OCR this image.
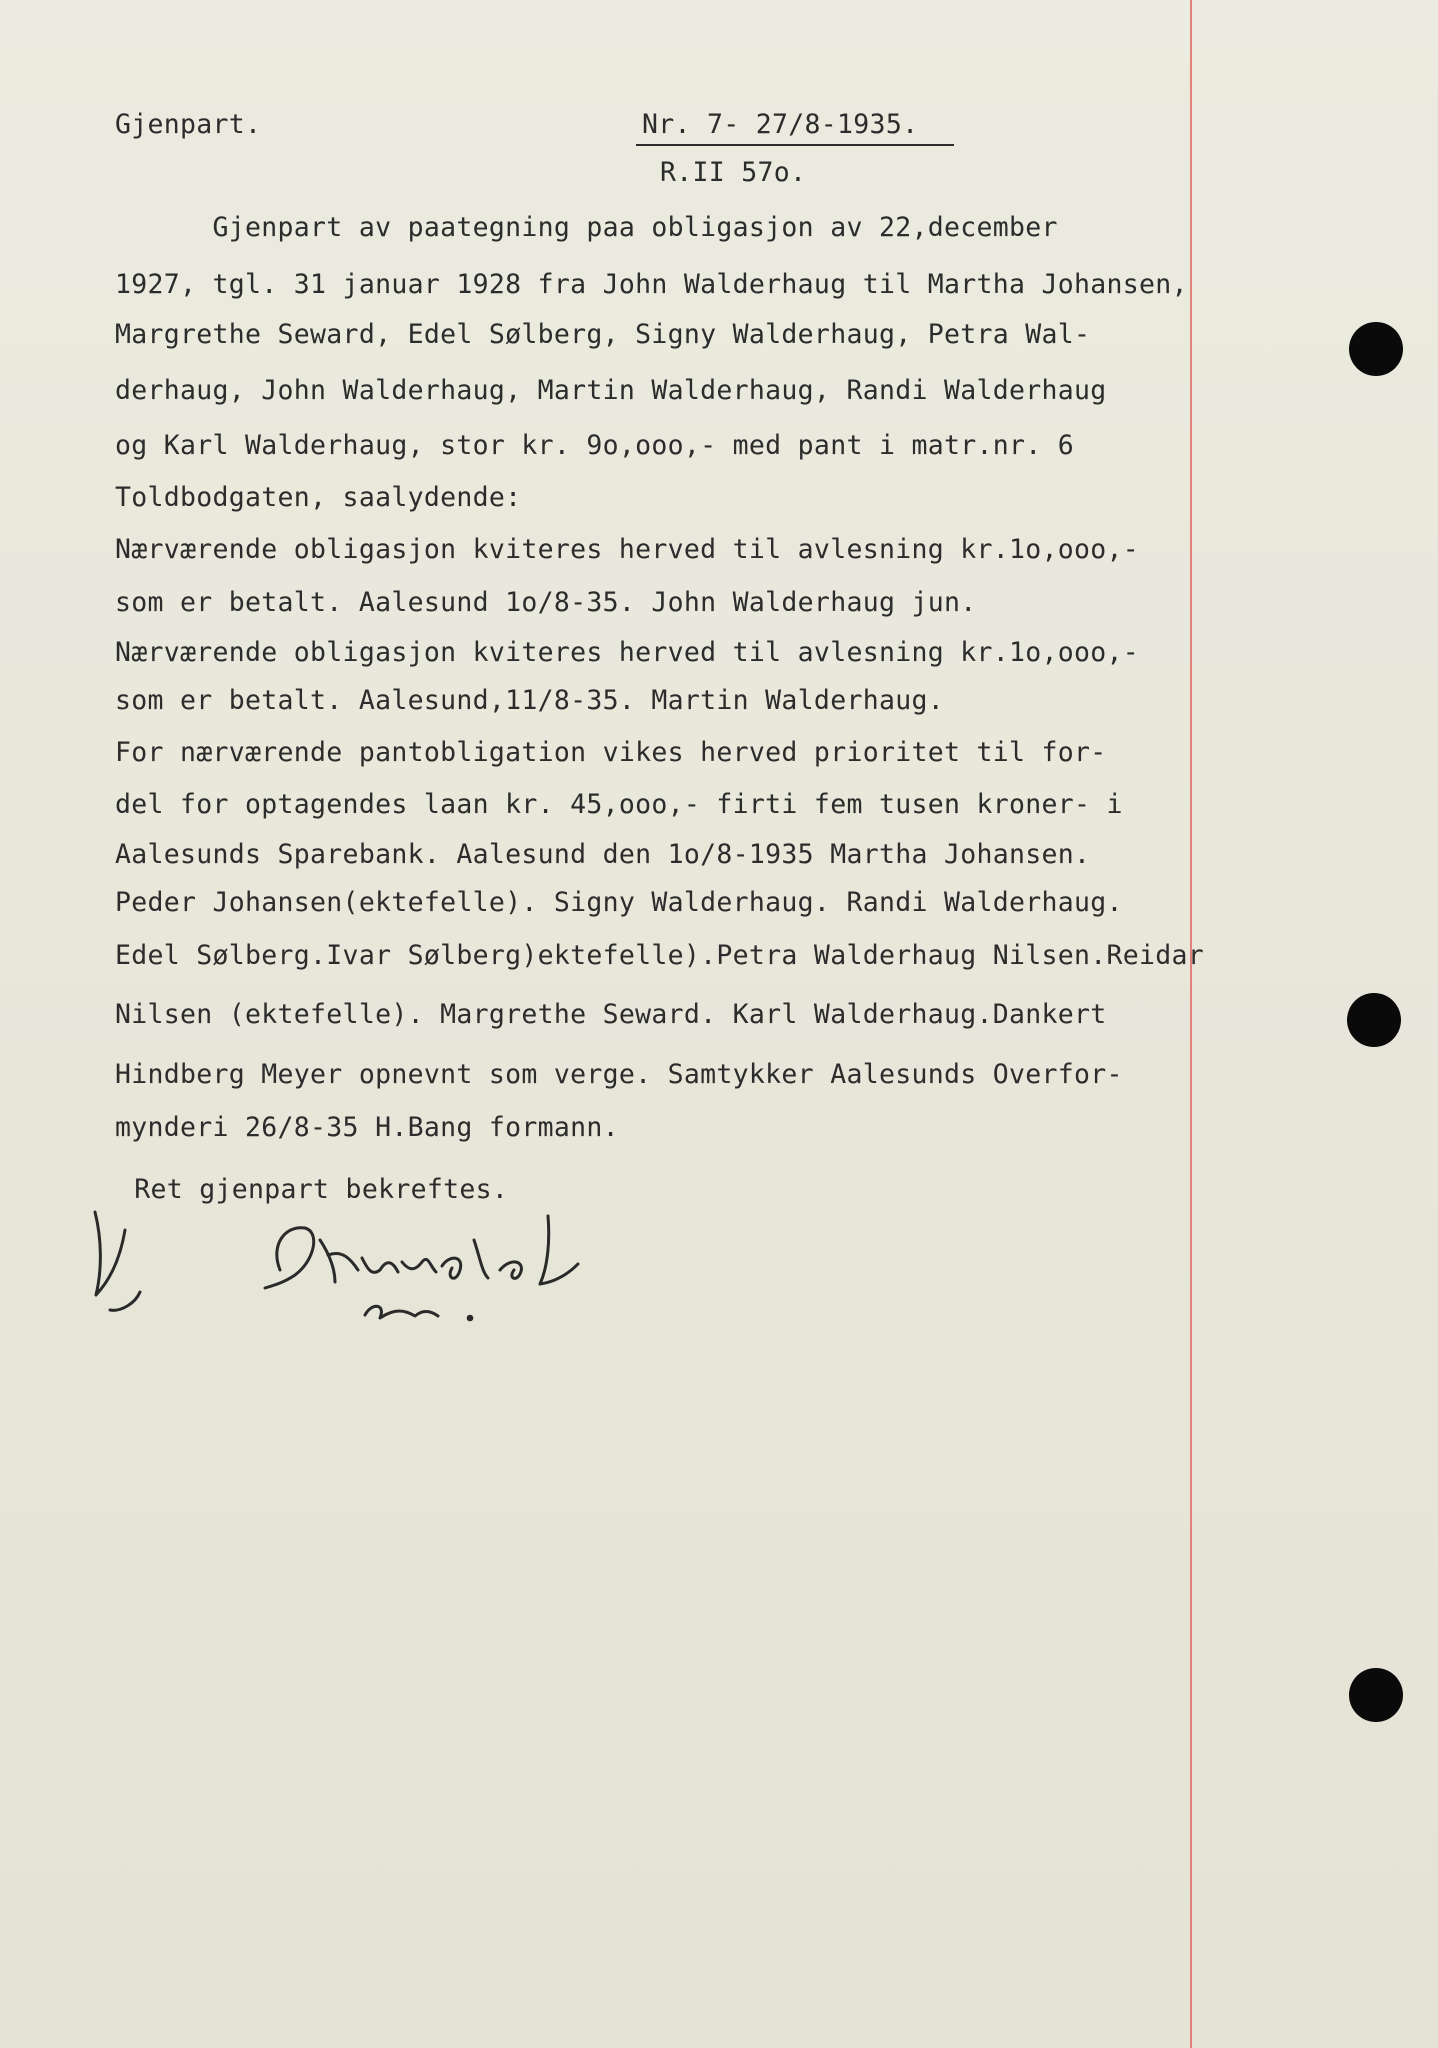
Gjenpart.	Nr. 7- 27/8-1935.
R.II 57o.
Gjenpart av paategning paa obligasjon av 22,december
1927, tgl. 31 januar 1928 fra John Walderhaug til Martha Johansen,
Margrethe Seward, Edel Sølberg, Signy Walderhaug, Petra Wal-
derhaug, John Walderhaug, Martin Walderhaug, Randi Walderhaug
og Karl Walderhaug, stor kr. 9o,ooo,- med pant i matr.nr. 6
Toldbodgaten, saalydende:
Nærværende obligasjon kviteres herved til avlesning kr.1o,ooo,-
som er betalt. Aalesund 1o/8-35. John Walderhaug jun.
Nærværende obligasjon kviteres herved til avlesning kr.1o,ooo,-
som er betalt. Aalesund,11/8-35. Martin Walderhaug.
For nærværende pantobligation vikes herved prioritet til for-
del for optagendes laan kr. 45,ooo,- firti fem tusen kroner- i
Aalesunds Sparebank. Aalesund den 1o/8-1935 Martha Johansen.
Peder Johansen(ektefelle). Signy Walderhaug. Randi Walderhaug.
Edel Sølberg.Ivar Sølberg)ektefelle).Petra Walderhaug Nilsen.Reidar
Nilsen (ektefelle). Margrethe Seward. Karl Walderhaug.Dankert
Hindberg Meyer opnevnt som verge. Samtykker Aalesunds Overfor-
mynderi 26/8-35 H.Bang formann.
Ret gjenpart bekreftes.
